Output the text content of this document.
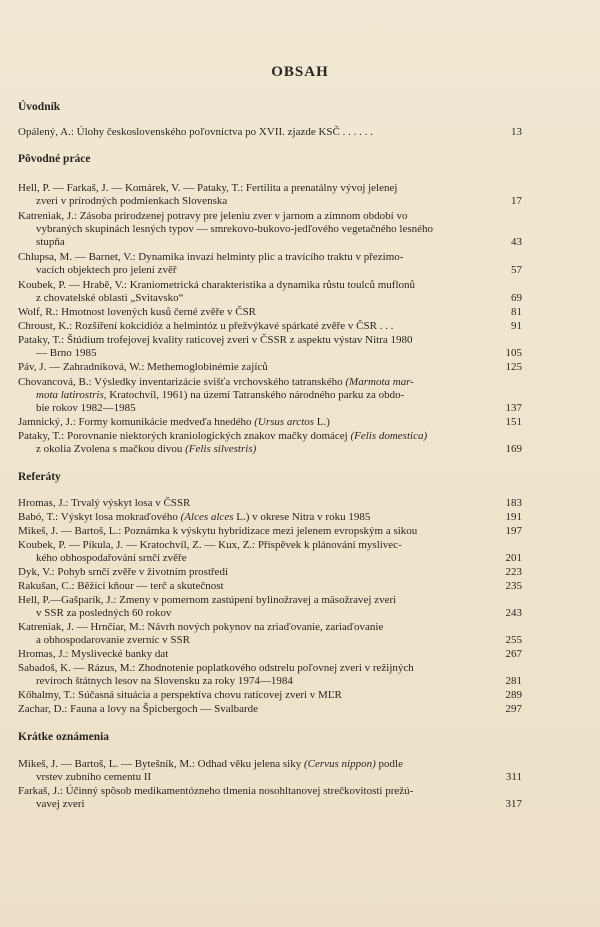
OBSAH
Úvodník
Opálený, A.: Úlohy československého poľovníctva po XVII. zjazde KSČ . . . . . .	13
Pôvodné práce
Hell, P. — Farkaš, J. — Komárek, V. — Pataky, T.: Fertilita a prenatálny vývoj jelenej
zveri v prírodných podmienkach Slovenska	17
Katreniak, J.: Zásoba prirodzenej potravy pre jeleniu zver v jarnom a zimnom období vo
vybraných skupinách lesných typov — smrekovo-bukovo-jedľového vegetačného lesného
stupňa	43
Chlupsa, M. — Barnet, V.: Dynamika invazí helminty plic a travícího traktu v přezimo-
vacích objektech pro jelení zvěř	57
Koubek, P. — Hrabě, V.: Kraniometrická charakteristika a dynamika růstu toulců muflonů
z chovatelské oblasti „Svitavsko“	69
Wolf, R.: Hmotnost lovených kusů černé zvěře v ČSR	81
Chroust, K.: Rozšíření kokcidióz a helmintóz u přežvýkavé spárkaté zvěře v ČSR . . .	91
Pataky, T.: Štúdium trofejovej kvality raticovej zveri v ČSSR z aspektu výstav Nitra 1980
— Brno 1985	105
Páv, J. — Zahradníková, W.: Methemoglobinémie zajíců	125
Chovancová, B.: Výsledky inventarizácie svišťa vrchovského tatranského (Marmota mar-
mota latirostris, Kratochvíl, 1961) na území Tatranského národného parku za obdo-
bie rokov 1982—1985	137
Jamnický, J.: Formy komunikácie medveďa hnedého (Ursus arctos L.)	151
Pataky, T.: Porovnanie niektorých kraniologických znakov mačky domácej (Felis domestica)
z okolia Zvolena s mačkou divou (Felis silvestris)	169
Referáty
Hromas, J.: Trvalý výskyt losa v ČSSR	183
Babó, T.: Výskyt losa mokraďového (Alces alces L.) v okrese Nitra v roku 1985	191
Mikeš, J. — Bartoš, L.: Poznámka k výskytu hybridizace mezi jelenem evropským a sikou	197
Koubek, P. — Pikula, J. — Kratochvíl, Z. — Kux, Z.: Příspěvek k plánování myslivec-
kého obhospodařování srnčí zvěře	201
Dyk, V.: Pohyb srnčí zvěře v životním prostředí	223
Rakušan, C.: Běžící kňour — terč a skutečnost	235
Hell, P.—Gašparík, J.: Zmeny v pomernom zastúpení bylinožravej a mäsožravej zveri
v SSR za posledných 60 rokov	243
Katreniak, J. — Hrnčiar, M.: Návrh nových pokynov na zriaďovanie, zariaďovanie
a obhospodarovanie zverníc v SSR	255
Hromas, J.: Myslivecké banky dat	267
Sabadoš, K. — Rázus, M.: Zhodnotenie poplatkového odstrelu poľovnej zveri v režijných
revíroch štátnych lesov na Slovensku za roky 1974—1984	281
Kőhalmy, T.: Súčasná situácia a perspektíva chovu raticovej zveri v MĽR	289
Zachar, D.: Fauna a lovy na Špicbergoch — Svalbarde	297
Krátke oznámenia
Mikeš, J. — Bartoš, L. — Bytešník, M.: Odhad věku jelena siky (Cervus nippon) podle
vrstev zubního cementu II	311
Farkaš, J.: Účinný spôsob medikamentózneho tlmenia nosohltanovej strečkovitosti prežú-
vavej zveri	317
